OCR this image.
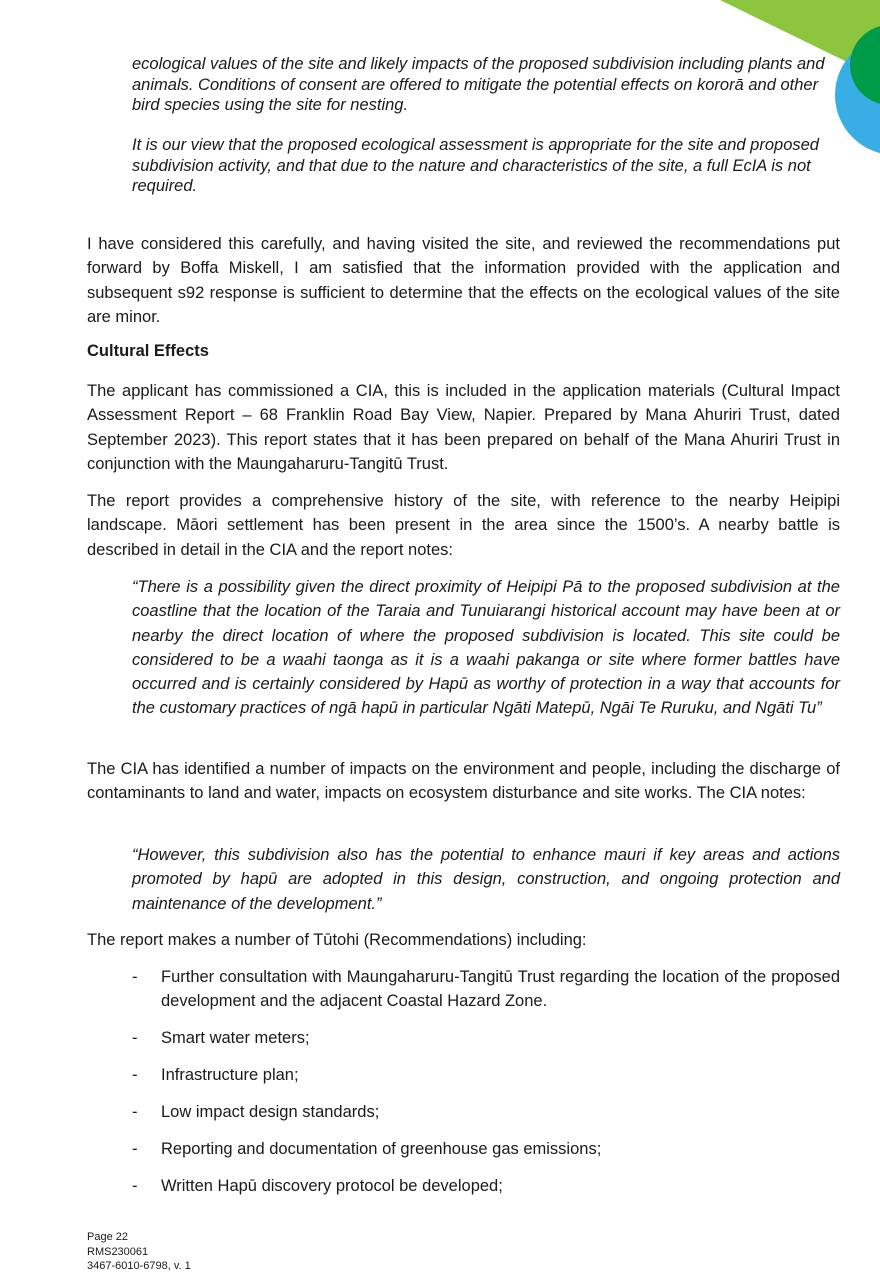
ecological values of the site and likely impacts of the proposed subdivision including plants and animals. Conditions of consent are offered to mitigate the potential effects on kororā and other bird species using the site for nesting.

It is our view that the proposed ecological assessment is appropriate for the site and proposed subdivision activity, and that due to the nature and characteristics of the site, a full EcIA is not required.

I have considered this carefully, and having visited the site, and reviewed the recommendations put forward by Boffa Miskell, I am satisfied that the information provided with the application and subsequent s92 response is sufficient to determine that the effects on the ecological values of the site are minor.

Cultural Effects

The applicant has commissioned a CIA, this is included in the application materials (Cultural Impact Assessment Report – 68 Franklin Road Bay View, Napier. Prepared by Mana Ahuriri Trust, dated September 2023). This report states that it has been prepared on behalf of the Mana Ahuriri Trust in conjunction with the Maungaharuru-Tangitū Trust.

The report provides a comprehensive history of the site, with reference to the nearby Heipipi landscape. Māori settlement has been present in the area since the 1500’s. A nearby battle is described in detail in the CIA and the report notes:

“There is a possibility given the direct proximity of Heipipi Pā to the proposed subdivision at the coastline that the location of the Taraia and Tunuiarangi historical account may have been at or nearby the direct location of where the proposed subdivision is located. This site could be considered to be a waahi taonga as it is a waahi pakanga or site where former battles have occurred and is certainly considered by Hapū as worthy of protection in a way that accounts for the customary practices of ngā hapū in particular Ngāti Matepū, Ngāi Te Ruruku, and Ngāti Tu”

The CIA has identified a number of impacts on the environment and people, including the discharge of contaminants to land and water, impacts on ecosystem disturbance and site works. The CIA notes:

“However, this subdivision also has the potential to enhance mauri if key areas and actions promoted by hapū are adopted in this design, construction, and ongoing protection and maintenance of the development.”

The report makes a number of Tūtohi (Recommendations) including:

- Further consultation with Maungaharuru-Tangitū Trust regarding the location of the proposed development and the adjacent Coastal Hazard Zone.
- Smart water meters;
- Infrastructure plan;
- Low impact design standards;
- Reporting and documentation of greenhouse gas emissions;
- Written Hapū discovery protocol be developed;
Page 22
RMS230061
3467-6010-6798, v. 1
